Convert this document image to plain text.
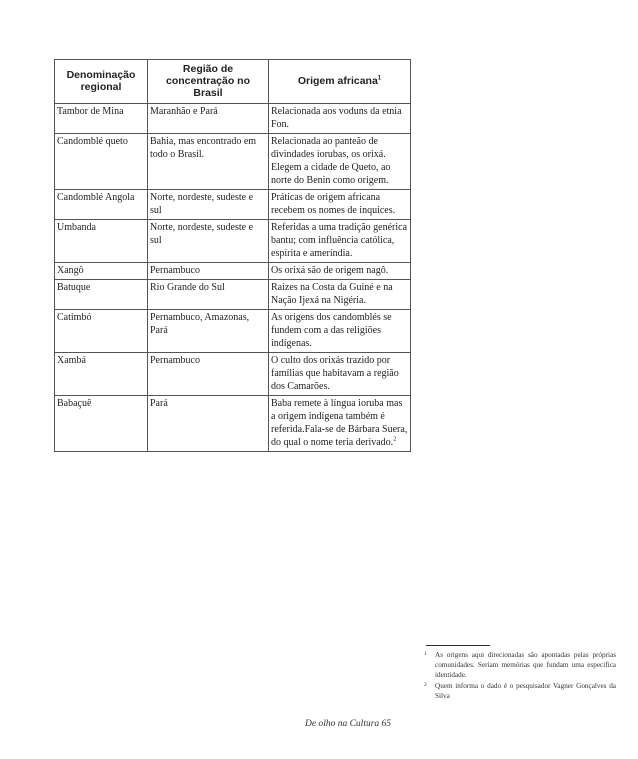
Denominação regional	Região de concentração no Brasil	Origem africana$^1$
Tambor de Mina	Maranhão e Pará	Relacionada aos voduns da etnia Fon.
Candomblé queto	Bahia, mas encontrado em todo o Brasil.	Relacionada ao panteão de divindades iorubas, os orixá. Elegem a cidade de Queto, ao norte do Benin como origem.
Candomblé Angola	Norte, nordeste, sudeste e sul	Práticas de origem africana recebem os nomes de inquices.
Umbanda	Norte, nordeste, sudeste e sul	Referidas a uma tradição genérica bantu; com influência católica, espírita e ameríndia.
Xangô	Pernambuco	Os orixá são de origem nagô.
Batuque	Rio Grande do Sul	Raízes na Costa da Guiné e na Nação Ijexá na Nigéria.
Catimbó	Pernambuco, Amazonas, Pará	As origens dos candomblés se fundem com a das religiões indígenas.
Xambá	Pernambuco	O culto dos orixás trazido por famílias que habitavam a região dos Camarões.
Babaçuê	Pará	Baba remete à língua ioruba mas a origem indígena também é referida.Fala-se de Bárbara Suera, do qual o nome teria derivado.$^2$
1 As origens aqui direcionadas são apontadas pelas próprias comunidades. Seriam memórias que fundam uma específica identidade.
2 Quem informa o dado é o pesquisador Vagner Gonçalves da Silva
De olho na Cultura 65
